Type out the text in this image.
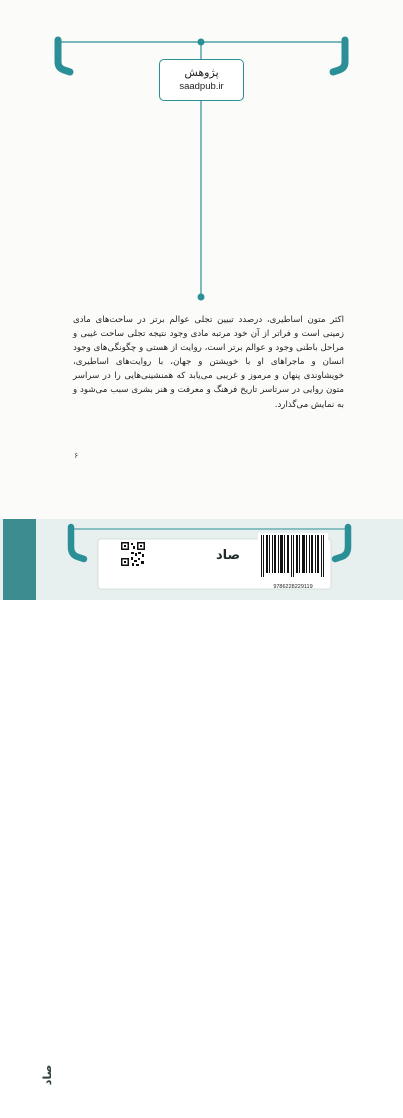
پژوهش
saadpub.ir

اکثر متون اساطیری، درصدد تبیین تجلی عوالم برتر در ساحت‌های مادی زمینی است و فراتر از آن خود مرتبه مادی وجود نتیجه تجلی ساحت غیبی و مراحل باطنی وجود و عوالم برتر است، روایت از هستی و چگونگی‌های وجود انسان و ماجراهای او با خویشتن و جهان، با روایت‌های اساطیری، خویشاوندی پنهان و مرموز و غریبی می‌یابد که همنشینی‌هایی را در سراسر متون روایی در سرتاسر تاریخ فرهنگ و معرفت و هنر بشری سبب می‌شود و به نمایش می‌گذارد.

۶
۲۴۹ هزار تومان
صاد
صاد
9786228229119
